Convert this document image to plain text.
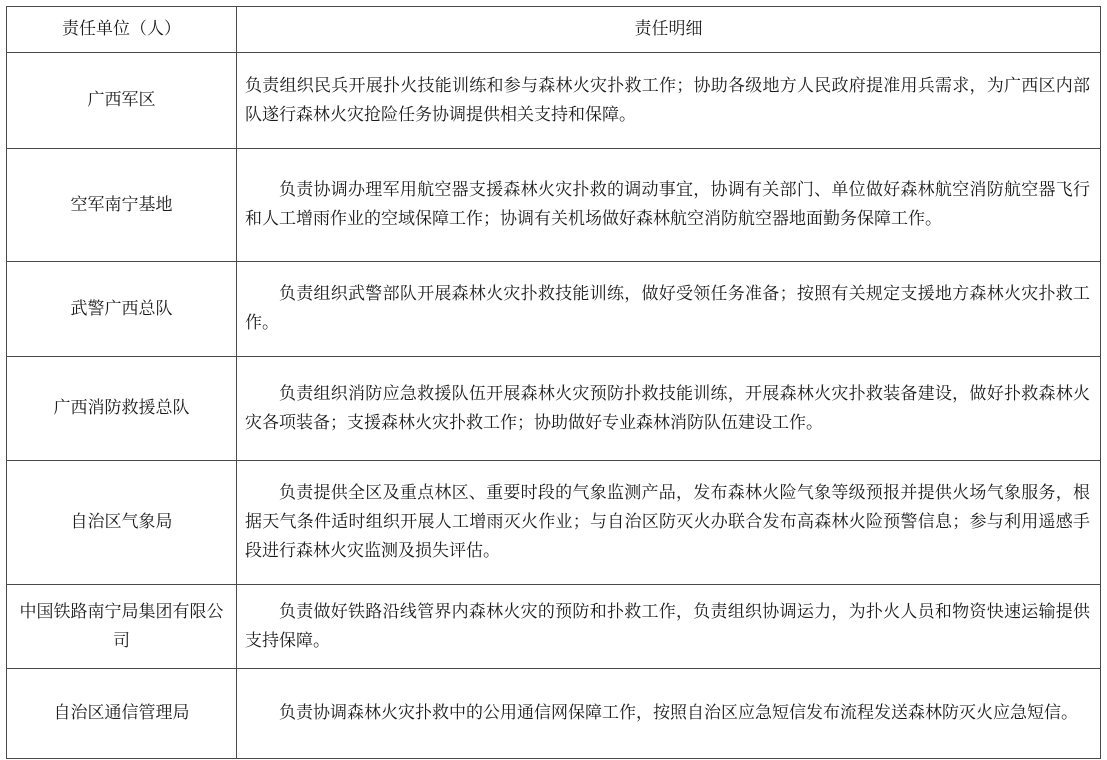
责任单位（人）	责任明细
广西军区	负责组织民兵开展扑火技能训练和参与森林火灾扑救工作；协助各级地方人民政府提准用兵需求，为广西区内部队遂行森林火灾抢险任务协调提供相关支持和保障。
空军南宁基地	负责协调办理军用航空器支援森林火灾扑救的调动事宜，协调有关部门、单位做好森林航空消防航空器飞行和人工增雨作业的空域保障工作；协调有关机场做好森林航空消防航空器地面勤务保障工作。
武警广西总队	负责组织武警部队开展森林火灾扑救技能训练，做好受领任务准备；按照有关规定支援地方森林火灾扑救工作。
广西消防救援总队	负责组织消防应急救援队伍开展森林火灾预防扑救技能训练，开展森林火灾扑救装备建设，做好扑救森林火灾各项装备；支援森林火灾扑救工作；协助做好专业森林消防队伍建设工作。
自治区气象局	负责提供全区及重点林区、重要时段的气象监测产品，发布森林火险气象等级预报并提供火场气象服务，根据天气条件适时组织开展人工增雨灭火作业；与自治区防灭火办联合发布高森林火险预警信息；参与利用遥感手段进行森林火灾监测及损失评估。
中国铁路南宁局集团有限公司	负责做好铁路沿线管界内森林火灾的预防和扑救工作，负责组织协调运力，为扑火人员和物资快速运输提供支持保障。
自治区通信管理局	负责协调森林火灾扑救中的公用通信网保障工作，按照自治区应急短信发布流程发送森林防灭火应急短信。
